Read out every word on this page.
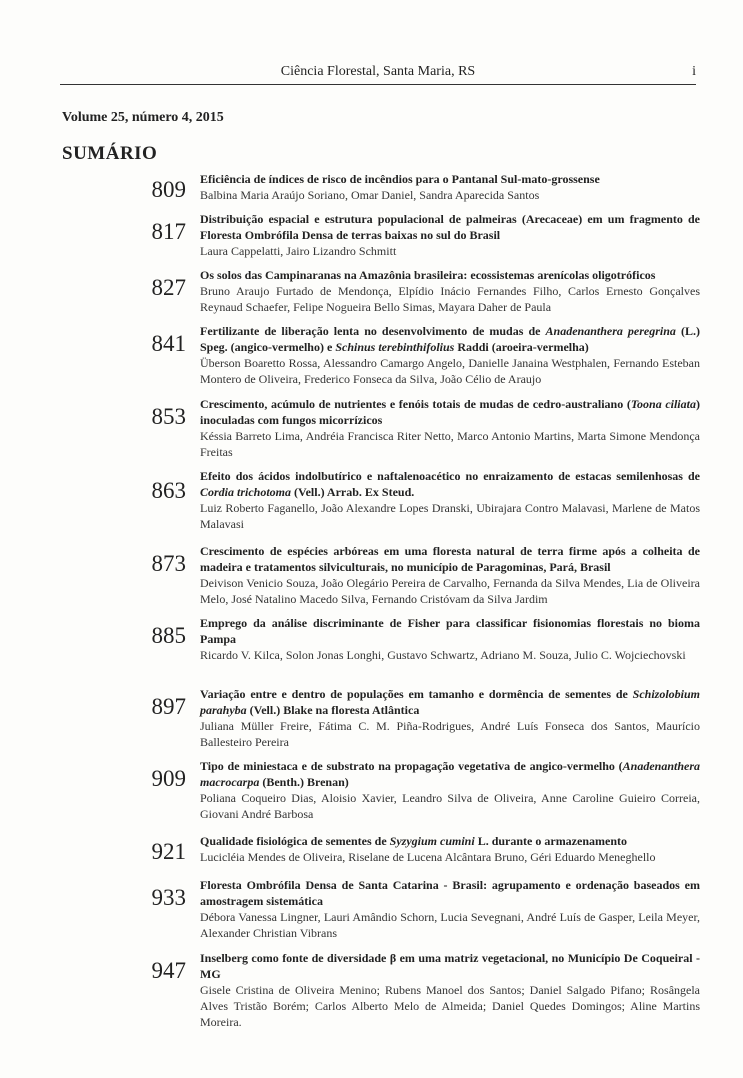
Ciência Florestal, Santa Maria, RS	i
Volume 25, número 4, 2015
SUMÁRIO
809 Eficiência de índices de risco de incêndios para o Pantanal Sul-mato-grossense

Balbina Maria Araújo Soriano, Omar Daniel, Sandra Aparecida Santos

817 Distribuição espacial e estrutura populacional de palmeiras (Arecaceae) em um fragmento de Floresta Ombrófila Densa de terras baixas no sul do Brasil

Laura Cappelatti, Jairo Lizandro Schmitt

827 Os solos das Campinaranas na Amazônia brasileira: ecossistemas arenícolas oligotróficos

Bruno Araujo Furtado de Mendonça, Elpídio Inácio Fernandes Filho, Carlos Ernesto Gonçalves Reynaud Schaefer, Felipe Nogueira Bello Simas, Mayara Daher de Paula

841 Fertilizante de liberação lenta no desenvolvimento de mudas de Anadenanthera peregrina (L.) Speg. (angico-vermelho) e Schinus terebinthifolius Raddi (aroeira-vermelha)

Überson Boaretto Rossa, Alessandro Camargo Angelo, Danielle Janaina Westphalen, Fernando Esteban Montero de Oliveira, Frederico Fonseca da Silva, João Célio de Araujo

853 Crescimento, acúmulo de nutrientes e fenóis totais de mudas de cedro-australiano (Toona ciliata) inoculadas com fungos micorrízicos

Késsia Barreto Lima, Andréia Francisca Riter Netto, Marco Antonio Martins, Marta Simone Mendonça Freitas

863

Efeito dos ácidos indolbutírico e naftalenoacético no enraizamento de estacas semilenhosas de Cordia trichotoma (Vell.) Arrab. Ex Steud.

Luiz Roberto Faganello, João Alexandre Lopes Dranski, Ubirajara Contro Malavasi, Marlene de Matos Malavasi

873 Crescimento de espécies arbóreas em uma floresta natural de terra firme após a colheita de madeira e tratamentos silviculturais, no município de Paragominas, Pará, Brasil

Deivison Venicio Souza, João Olegário Pereira de Carvalho, Fernanda da Silva Mendes, Lia de Oliveira Melo, José Natalino Macedo Silva, Fernando Cristóvam da Silva Jardim

885 Emprego da análise discriminante de Fisher para classificar fisionomias florestais no bioma Pampa

Ricardo V. Kilca, Solon Jonas Longhi, Gustavo Schwartz, Adriano M. Souza, Julio C. Wojciechovski

897 Variação entre e dentro de populações em tamanho e dormência de sementes de Schizolobium parahyba (Vell.) Blake na floresta Atlântica

Juliana Müller Freire, Fátima C. M. Piña-Rodrigues, André Luís Fonseca dos Santos, Maurício Ballesteiro Pereira

909 Tipo de miniestaca e de substrato na propagação vegetativa de angico-vermelho (Anadenanthera macrocarpa (Benth.) Brenan)

Poliana Coqueiro Dias, Aloisio Xavier, Leandro Silva de Oliveira, Anne Caroline Guieiro Correia, Giovani André Barbosa

921 Qualidade fisiológica de sementes de Syzygium cumini L. durante o armazenamento

Lucicléia Mendes de Oliveira, Riselane de Lucena Alcântara Bruno, Géri Eduardo Meneghello

933 Floresta Ombrófila Densa de Santa Catarina - Brasil: agrupamento e ordenação baseados em amostragem sistemática

Débora Vanessa Lingner, Lauri Amândio Schorn, Lucia Sevegnani, André Luís de Gasper, Leila Meyer, Alexander Christian Vibrans

947 Inselberg como fonte de diversidade β em uma matriz vegetacional, no Município De Coqueiral - MG

Gisele Cristina de Oliveira Menino; Rubens Manoel dos Santos; Daniel Salgado Pifano; Rosângela Alves Tristão Borém; Carlos Alberto Melo de Almeida; Daniel Quedes Domingos; Aline Martins Moreira.
